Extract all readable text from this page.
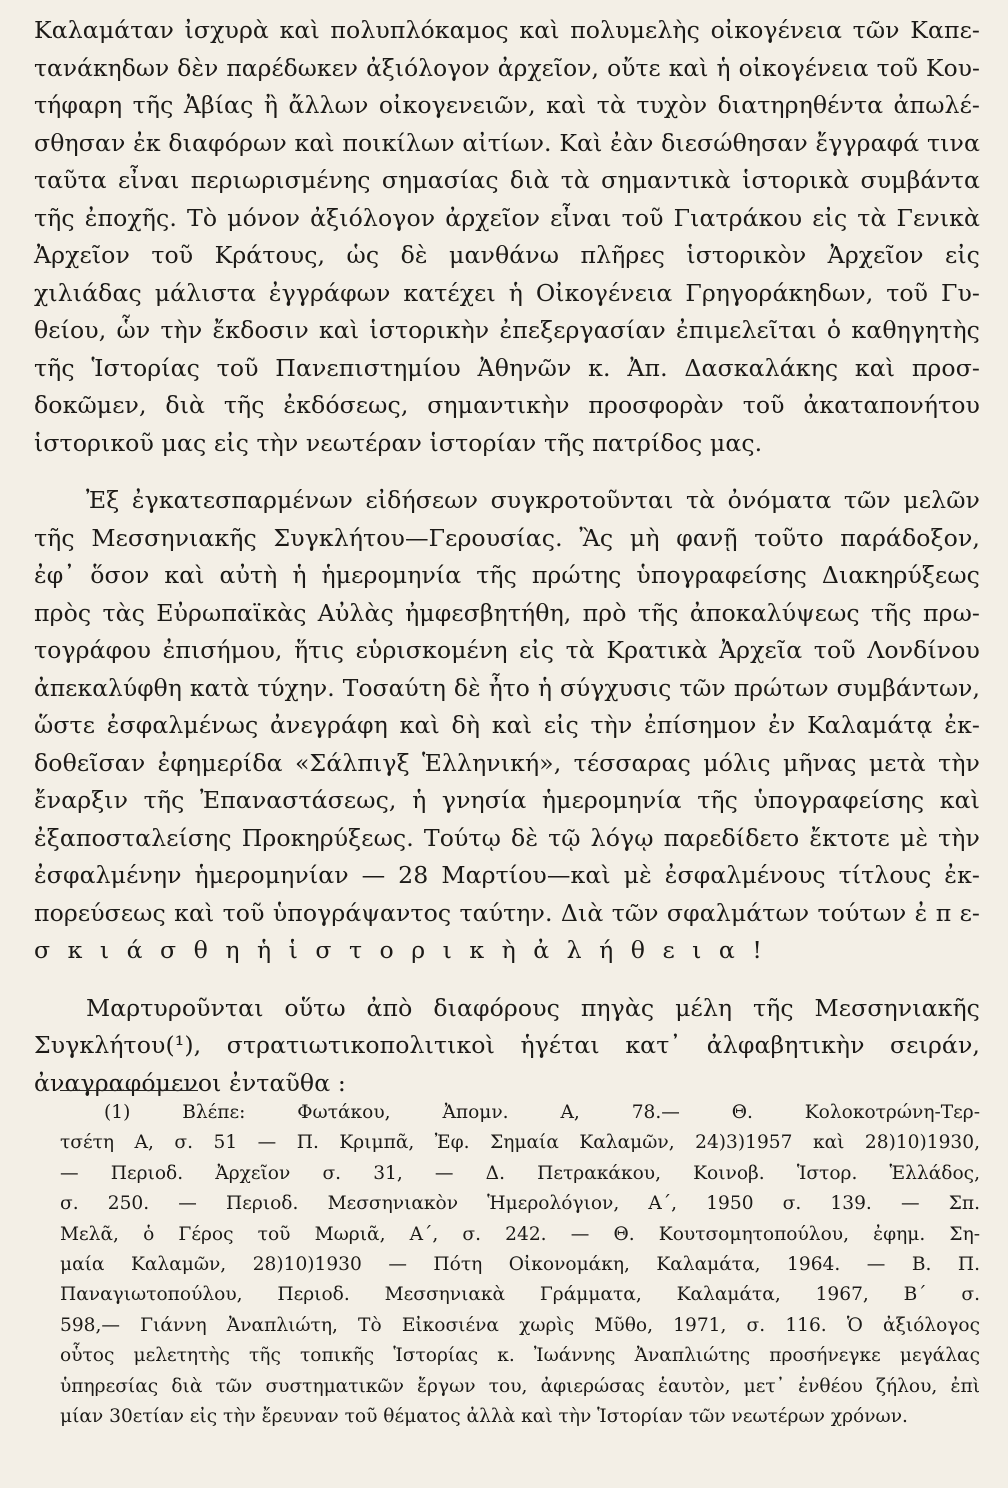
Καλαμάταν ἰσχυρὰ καὶ πολυπλόκαμος καὶ πολυμελὴς οἰκογένεια τῶν Καπε-
τανάκηδων δὲν παρέδωκεν ἀξιόλογον ἀρχεῖον, οὔτε καὶ ἡ οἰκογένεια τοῦ Κου-
τήφαρη τῆς Ἀβίας ἢ ἄλλων οἰκογενειῶν, καὶ τὰ τυχὸν διατηρηθέντα ἀπωλέ-
σθησαν ἐκ διαφόρων καὶ ποικίλων αἰτίων. Καὶ ἐὰν διεσώθησαν ἔγγραφά τινα
ταῦτα εἶναι περιωρισμένης σημασίας διὰ τὰ σημαντικὰ ἱστορικὰ συμβάντα
τῆς ἐποχῆς. Τὸ μόνον ἀξιόλογον ἀρχεῖον εἶναι τοῦ Γιατράκου εἰς τὰ Γενικὰ
Ἀρχεῖον τοῦ Κράτους, ὡς δὲ μανθάνω πλῆρες ἱστορικὸν Ἀρχεῖον εἰς
χιλιάδας μάλιστα ἐγγράφων κατέχει ἡ Οἰκογένεια Γρηγοράκηδων, τοῦ Γυ-
θείου, ὧν τὴν ἔκδοσιν καὶ ἱστορικὴν ἐπεξεργασίαν ἐπιμελεῖται ὁ καθηγητὴς
τῆς Ἱστορίας τοῦ Πανεπιστημίου Ἀθηνῶν κ. Ἀπ. Δασκαλάκης καὶ προσ-
δοκῶμεν, διὰ τῆς ἐκδόσεως, σημαντικὴν προσφορὰν τοῦ ἀκαταπονήτου
ἱστορικοῦ μας εἰς τὴν νεωτέραν ἱστορίαν τῆς πατρίδος μας.
Ἐξ ἐγκατεσπαρμένων εἰδήσεων συγκροτοῦνται τὰ ὀνόματα τῶν μελῶν
τῆς Μεσσηνιακῆς Συγκλήτου—Γερουσίας. Ἂς μὴ φανῇ τοῦτο παράδοξον,
ἐφ᾽ ὅσον καὶ αὐτὴ ἡ ἡμερομηνία τῆς πρώτης ὑπογραφείσης Διακηρύξεως
πρὸς τὰς Εὐρωπαϊκὰς Αὐλὰς ἠμφεσβητήθη, πρὸ τῆς ἀποκαλύψεως τῆς πρω-
τογράφου ἐπισήμου, ἥτις εὑρισκομένη εἰς τὰ Κρατικὰ Ἀρχεῖα τοῦ Λονδίνου
ἀπεκαλύφθη κατὰ τύχην. Τοσαύτη δὲ ἦτο ἡ σύγχυσις τῶν πρώτων συμβάντων,
ὥστε ἐσφαλμένως ἀνεγράφη καὶ δὴ καὶ εἰς τὴν ἐπίσημον ἐν Καλαμάτᾳ ἐκ-
δοθεῖσαν ἐφημερίδα «Σάλπιγξ Ἑλληνική», τέσσαρας μόλις μῆνας μετὰ τὴν
ἔναρξιν τῆς Ἐπαναστάσεως, ἡ γνησία ἡμερομηνία τῆς ὑπογραφείσης καὶ
ἐξαποσταλείσης Προκηρύξεως. Τούτῳ δὲ τῷ λόγῳ παρεδίδετο ἔκτοτε μὲ τὴν
ἐσφαλμένην ἡμερομηνίαν — 28 Μαρτίου—καὶ μὲ ἐσφαλμένους τίτλους ἐκ-
πορεύσεως καὶ τοῦ ὑπογράψαντος ταύτην. Διὰ τῶν σφαλμάτων τούτων ἐ π ε-
σ κ ι ά σ θ η ἡ ἱ σ τ ο ρ ι κ ὴ ἀ λ ή θ ε ι α !
Μαρτυροῦνται οὕτω ἀπὸ διαφόρους πηγὰς μέλη τῆς Μεσσηνιακῆς
Συγκλήτου(¹), στρατιωτικοπολιτικοὶ ἡγέται κατ᾽ ἀλφαβητικὴν σειράν,
ἀναγραφόμενοι ἐνταῦθα :
(1) Βλέπε: Φωτάκου, Ἀπομν. Α, 78.— Θ. Κολοκοτρώνη-Τερ-
τσέτη Α, σ. 51 — Π. Κριμπᾶ, Ἐφ. Σημαία Καλαμῶν, 24)3)1957 καὶ 28)10)1930,
— Περιοδ. Ἀρχεῖον σ. 31, — Δ. Πετρακάκου, Κοινοβ. Ἱστορ. Ἑλλάδος,
σ. 250. — Περιοδ. Μεσσηνιακὸν Ἡμερολόγιον, Α΄, 1950 σ. 139. — Σπ.
Μελᾶ, ὁ Γέρος τοῦ Μωριᾶ, Α΄, σ. 242. — Θ. Κουτσομητοπούλου, ἐφημ. Ση-
μαία Καλαμῶν, 28)10)1930 — Πότη Οἰκονομάκη, Καλαμάτα, 1964. — Β. Π.
Παναγιωτοπούλου, Περιοδ. Μεσσηνιακὰ Γράμματα, Καλαμάτα, 1967, Β΄ σ.
598,— Γιάννη Ἀναπλιώτη, Τὸ Εἰκοσιένα χωρὶς Μῦθο, 1971, σ. 116. Ὁ ἀξιόλογος
οὗτος μελετητὴς τῆς τοπικῆς Ἱστορίας κ. Ἰωάννης Ἀναπλιώτης προσήνεγκε μεγάλας
ὑπηρεσίας διὰ τῶν συστηματικῶν ἔργων του, ἀφιερώσας ἑαυτὸν, μετ᾽ ἐνθέου ζήλου, ἐπὶ
μίαν 30ετίαν εἰς τὴν ἔρευναν τοῦ θέματος ἀλλὰ καὶ τὴν Ἱστορίαν τῶν νεωτέρων χρόνων.
